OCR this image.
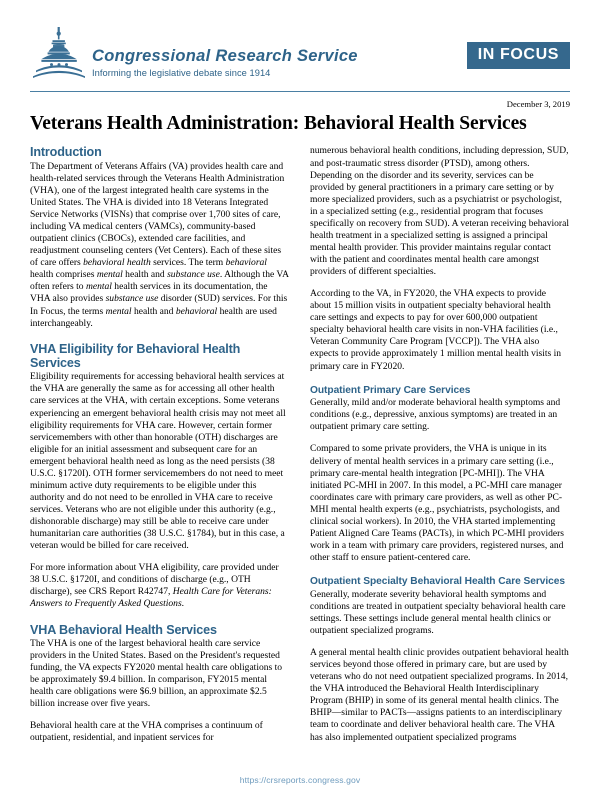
Congressional Research Service
Informing the legislative debate since 1914
IN FOCUS
December 3, 2019
Veterans Health Administration: Behavioral Health Services
Introduction

The Department of Veterans Affairs (VA) provides health care and health-related services through the Veterans Health Administration (VHA), one of the largest integrated health care systems in the United States. The VHA is divided into 18 Veterans Integrated Service Networks (VISNs) that comprise over 1,700 sites of care, including VA medical centers (VAMCs), community-based outpatient clinics (CBOCs), extended care facilities, and readjustment counseling centers (Vet Centers). Each of these sites of care offers behavioral health services. The term behavioral health comprises mental health and substance use. Although the VA often refers to mental health services in its documentation, the VHA also provides substance use disorder (SUD) services. For this In Focus, the terms mental health and behavioral health are used interchangeably.

VHA Eligibility for Behavioral Health Services

Eligibility requirements for accessing behavioral health services at the VHA are generally the same as for accessing all other health care services at the VHA, with certain exceptions. Some veterans experiencing an emergent behavioral health crisis may not meet all eligibility requirements for VHA care. However, certain former servicemembers with other than honorable (OTH) discharges are eligible for an initial assessment and subsequent care for an emergent behavioral health need as long as the need persists (38 U.S.C. §1720I). OTH former servicemembers do not need to meet minimum active duty requirements to be eligible under this authority and do not need to be enrolled in VHA care to receive services. Veterans who are not eligible under this authority (e.g., dishonorable discharge) may still be able to receive care under humanitarian care authorities (38 U.S.C. §1784), but in this case, a veteran would be billed for care received.

For more information about VHA eligibility, care provided under 38 U.S.C. §1720I, and conditions of discharge (e.g., OTH discharge), see CRS Report R42747, Health Care for Veterans: Answers to Frequently Asked Questions.

VHA Behavioral Health Services

The VHA is one of the largest behavioral health care service providers in the United States. Based on the President's requested funding, the VA expects FY2020 mental health care obligations to be approximately $9.4 billion. In comparison, FY2015 mental health care obligations were $6.9 billion, an approximate $2.5 billion increase over five years.

Behavioral health care at the VHA comprises a continuum of outpatient, residential, and inpatient services for

numerous behavioral health conditions, including depression, SUD, and post-traumatic stress disorder (PTSD), among others. Depending on the disorder and its severity, services can be provided by general practitioners in a primary care setting or by more specialized providers, such as a psychiatrist or psychologist, in a specialized setting (e.g., residential program that focuses specifically on recovery from SUD). A veteran receiving behavioral health treatment in a specialized setting is assigned a principal mental health provider. This provider maintains regular contact with the patient and coordinates mental health care amongst providers of different specialties.

According to the VA, in FY2020, the VHA expects to provide about 15 million visits in outpatient specialty behavioral health care settings and expects to pay for over 600,000 outpatient specialty behavioral health care visits in non-VHA facilities (i.e., Veteran Community Care Program [VCCP]). The VHA also expects to provide approximately 1 million mental health visits in primary care in FY2020.

Outpatient Primary Care Services

Generally, mild and/or moderate behavioral health symptoms and conditions (e.g., depressive, anxious symptoms) are treated in an outpatient primary care setting.

Compared to some private providers, the VHA is unique in its delivery of mental health services in a primary care setting (i.e., primary care-mental health integration [PC-MHI]). The VHA initiated PC-MHI in 2007. In this model, a PC-MHI care manager coordinates care with primary care providers, as well as other PC-MHI mental health experts (e.g., psychiatrists, psychologists, and clinical social workers). In 2010, the VHA started implementing Patient Aligned Care Teams (PACTs), in which PC-MHI providers work in a team with primary care providers, registered nurses, and other staff to ensure patient-centered care.

Outpatient Specialty Behavioral Health Care Services

Generally, moderate severity behavioral health symptoms and conditions are treated in outpatient specialty behavioral health care settings. These settings include general mental health clinics or outpatient specialized programs.

A general mental health clinic provides outpatient behavioral health services beyond those offered in primary care, but are used by veterans who do not need outpatient specialized programs. In 2014, the VHA introduced the Behavioral Health Interdisciplinary Program (BHIP) in some of its general mental health clinics. The BHIP—similar to PACTs—assigns patients to an interdisciplinary team to coordinate and deliver behavioral health care. The VHA has also implemented outpatient specialized programs

https://crsreports.congress.gov
